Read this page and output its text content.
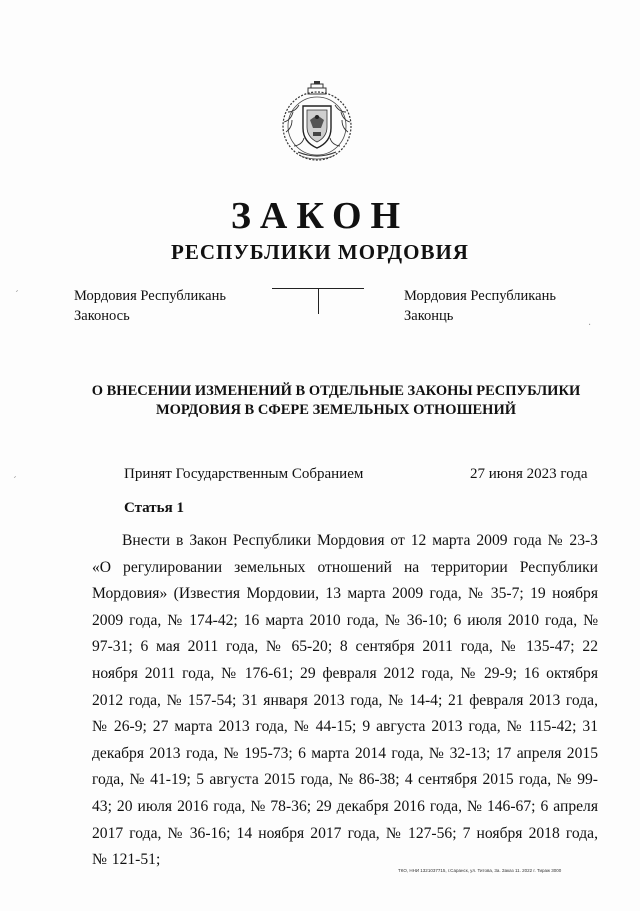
ЗАКОН
РЕСПУБЛИКИ МОРДОВИЯ
Мордовия Республикань
Законось
Мордовия Республикань
Законць
О ВНЕСЕНИИ ИЗМЕНЕНИЙ В ОТДЕЛЬНЫЕ ЗАКОНЫ РЕСПУБЛИКИ
МОРДОВИЯ В СФЕРЕ ЗЕМЕЛЬНЫХ ОТНОШЕНИЙ
Принят Государственным Собранием	27 июня 2023 года
Статья 1
Внести в Закон Республики Мордовия от 12 марта 2009 года № 23-З «О регулировании земельных отношений на территории Республики Мордовия» (Известия Мордовии, 13 марта 2009 года, № 35-7; 19 ноября 2009 года, № 174-42; 16 марта 2010 года, № 36-10; 6 июля 2010 года, № 97-31; 6 мая 2011 года, № 65-20; 8 сентября 2011 года, № 135-47; 22 ноября 2011 года, № 176-61; 29 февраля 2012 года, № 29-9; 16 октября 2012 года, № 157-54; 31 января 2013 года, № 14-4; 21 февраля 2013 года, № 26-9; 27 марта 2013 года, № 44-15; 9 августа 2013 года, № 115-42; 31 декабря 2013 года, № 195-73; 6 марта 2014 года, № 32-13; 17 апреля 2015 года, № 41-19; 5 августа 2015 года, № 86-38; 4 сентября 2015 года, № 99-43; 20 июля 2016 года, № 78-36; 29 декабря 2016 года, № 146-67; 6 апреля 2017 года, № 36-16; 14 ноября 2017 года, № 127-56; 7 ноября 2018 года, № 121-51;
ТКО, ННИ 1321037715, г.Саранск, ул. Титова, 3а. Заказ 11. 2022 г. Тираж 3000
ˊ
ˊ
·
